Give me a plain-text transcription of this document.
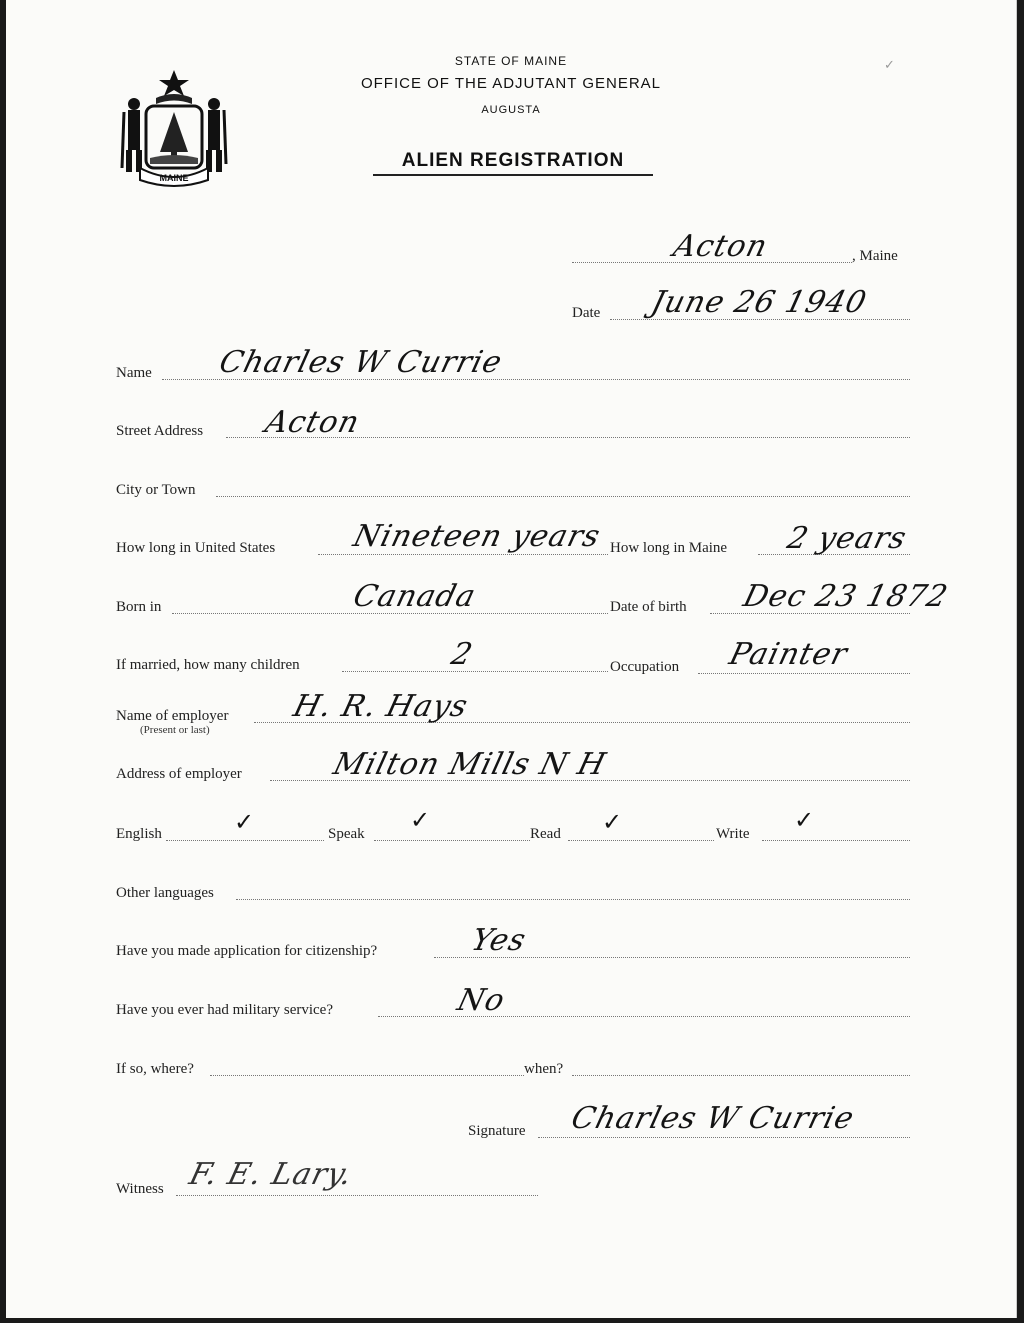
MAINE
STATE OF MAINE
OFFICE OF THE ADJUTANT GENERAL
AUGUSTA
ALIEN REGISTRATION
✓
Acton	, Maine
Date June 26 1940
Name Charles W Currie
Street Address Acton
City or Town
How long in United States Nineteen years How long in Maine 2 years
Born in	Canada	Date of birth Dec 23 1872
If married, how many children	2	Occupation Painter
Name of employer
(Present or last)
H. R. Hays
Address of employer	Milton Mills N H
English	✓	Speak ✓	Read ✓	Write ✓
Other languages
Have you made application for citizenship?	Yes
Have you ever had military service?	No
If so, where?	when?
Signature Charles W Currie
Witness F. E. Lary.
